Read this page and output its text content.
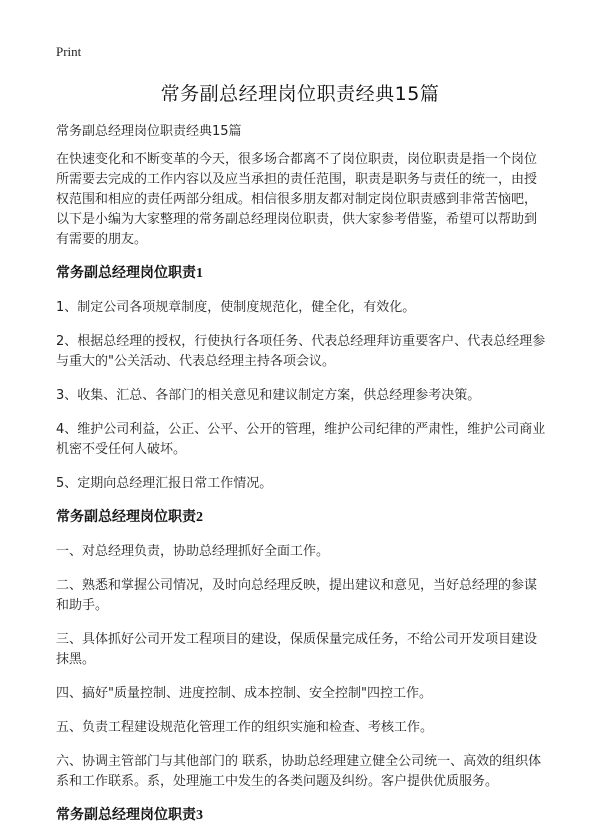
Print
常务副总经理岗位职责经典15篇
常务副总经理岗位职责经典15篇

在快速变化和不断变革的今天，很多场合都离不了岗位职责，岗位职责是指一个岗位所需要去完成的工作内容以及应当承担的责任范围，职责是职务与责任的统一，由授权范围和相应的责任两部分组成。相信很多朋友都对制定岗位职责感到非常苦恼吧，以下是小编为大家整理的常务副总经理岗位职责，供大家参考借鉴，希望可以帮助到有需要的朋友。

常务副总经理岗位职责1

1、制定公司各项规章制度，使制度规范化，健全化，有效化。

2、根据总经理的授权，行使执行各项任务、代表总经理拜访重要客户、代表总经理参与重大的"公关活动、代表总经理主持各项会议。

3、收集、汇总、各部门的相关意见和建议制定方案，供总经理参考决策。

4、维护公司利益，公正、公平、公开的管理，维护公司纪律的严肃性，维护公司商业机密不受任何人破坏。

5、定期向总经理汇报日常工作情况。

常务副总经理岗位职责2

一、对总经理负责，协助总经理抓好全面工作。

二、熟悉和掌握公司情况，及时向总经理反映，提出建议和意见，当好总经理的参谋和助手。

三、具体抓好公司开发工程项目的建设，保质保量完成任务，不给公司开发项目建设抹黑。

四、搞好"质量控制、进度控制、成本控制、安全控制"四控工作。

五、负责工程建设规范化管理工作的组织实施和检查、考核工作。

六、协调主管部门与其他部门的 联系，协助总经理建立健全公司统一、高效的组织体系和工作联系。系，处理施工中发生的各类问题及纠纷。客户提供优质服务。

常务副总经理岗位职责3
